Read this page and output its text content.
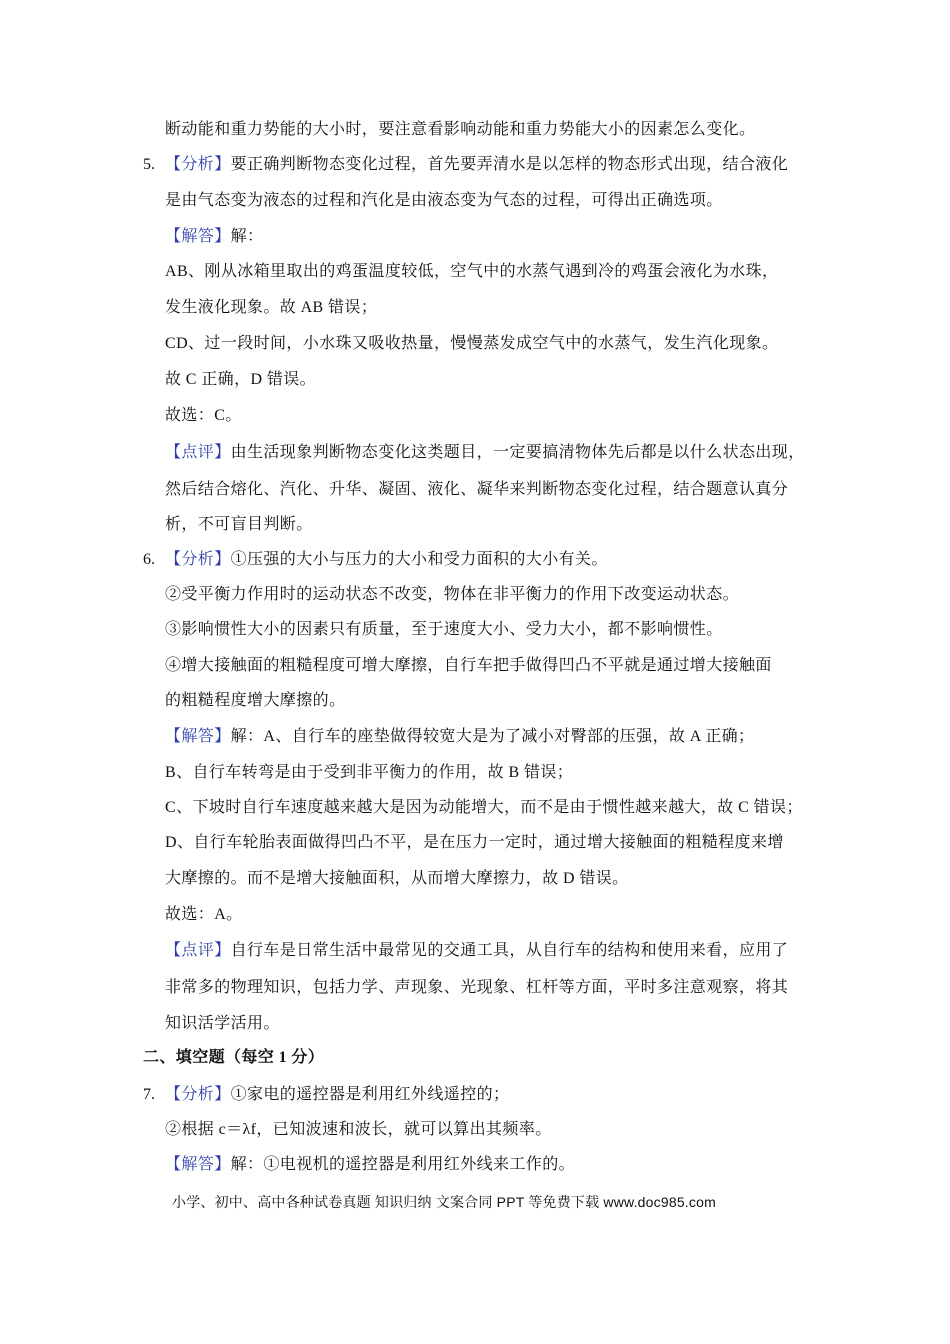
断动能和重力势能的大小时，要注意看影响动能和重力势能大小的因素怎么变化。
5. 【分析】要正确判断物态变化过程，首先要弄清水是以怎样的物态形式出现，结合液化
是由气态变为液态的过程和汽化是由液态变为气态的过程，可得出正确选项。
【解答】解：
AB、刚从冰箱里取出的鸡蛋温度较低，空气中的水蒸气遇到冷的鸡蛋会液化为水珠，
发生液化现象。故 AB 错误；
CD、过一段时间，小水珠又吸收热量，慢慢蒸发成空气中的水蒸气，发生汽化现象。
故 C 正确，D 错误。
故选：C。
【点评】由生活现象判断物态变化这类题目，一定要搞清物体先后都是以什么状态出现，
然后结合熔化、汽化、升华、凝固、液化、凝华来判断物态变化过程，结合题意认真分
析，不可盲目判断。
6. 【分析】①压强的大小与压力的大小和受力面积的大小有关。
②受平衡力作用时的运动状态不改变，物体在非平衡力的作用下改变运动状态。
③影响惯性大小的因素只有质量，至于速度大小、受力大小，都不影响惯性。
④增大接触面的粗糙程度可增大摩擦，自行车把手做得凹凸不平就是通过增大接触面
的粗糙程度增大摩擦的。
【解答】解：A、自行车的座垫做得较宽大是为了减小对臀部的压强，故 A 正确；
B、自行车转弯是由于受到非平衡力的作用，故 B 错误；
C、下坡时自行车速度越来越大是因为动能增大，而不是由于惯性越来越大，故 C 错误；
D、自行车轮胎表面做得凹凸不平，是在压力一定时，通过增大接触面的粗糙程度来增
大摩擦的。而不是增大接触面积，从而增大摩擦力，故 D 错误。
故选：A。
【点评】自行车是日常生活中最常见的交通工具，从自行车的结构和使用来看，应用了
非常多的物理知识，包括力学、声现象、光现象、杠杆等方面，平时多注意观察，将其
知识活学活用。
二、填空题（每空 1 分）
7. 【分析】①家电的遥控器是利用红外线遥控的；
②根据 c＝λf，已知波速和波长，就可以算出其频率。
【解答】解：①电视机的遥控器是利用红外线来工作的。
小学、初中、高中各种试卷真题 知识归纳 文案合同 PPT 等免费下载 www.doc985.com
